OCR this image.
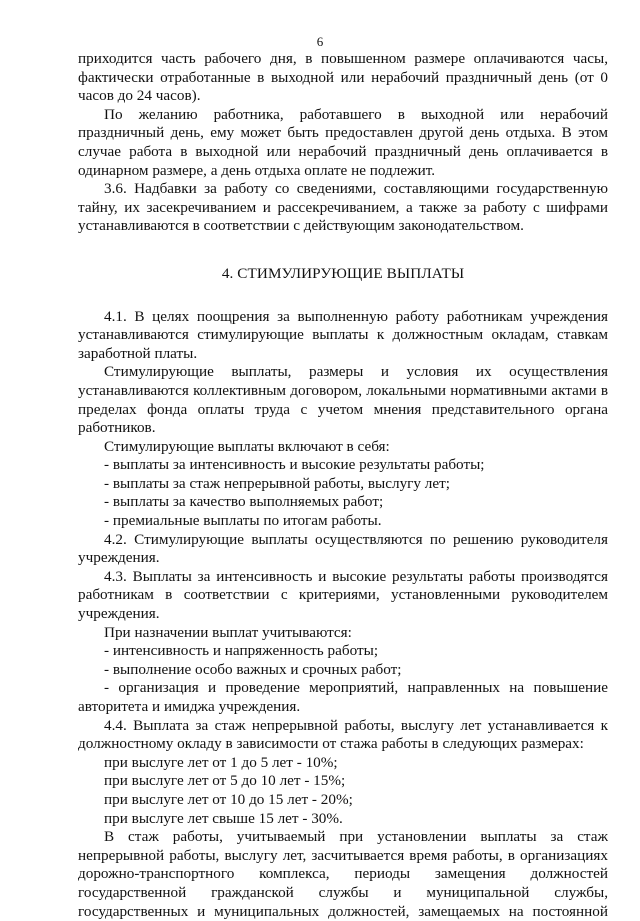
6

приходится часть рабочего дня, в повышенном размере оплачиваются часы, фактически отработанные в выходной или нерабочий праздничный день (от 0 часов до 24 часов).

По желанию работника, работавшего в выходной или нерабочий праздничный день, ему может быть предоставлен другой день отдыха. В этом случае работа в выходной или нерабочий праздничный день оплачивается в одинарном размере, а день отдыха оплате не подлежит.

3.6. Надбавки за работу со сведениями, составляющими государственную тайну, их засекречиванием и рассекречиванием, а также за работу с шифрами устанавливаются в соответствии с действующим законодательством.

4. СТИМУЛИРУЮЩИЕ ВЫПЛАТЫ

4.1. В целях поощрения за выполненную работу работникам учреждения устанавливаются стимулирующие выплаты к должностным окладам, ставкам заработной платы.

Стимулирующие выплаты, размеры и условия их осуществления устанавливаются коллективным договором, локальными нормативными актами в пределах фонда оплаты труда с учетом мнения представительного органа работников.

Стимулирующие выплаты включают в себя:

- выплаты за интенсивность и высокие результаты работы;

- выплаты за стаж непрерывной работы, выслугу лет;

- выплаты за качество выполняемых работ;

- премиальные выплаты по итогам работы.

4.2. Стимулирующие выплаты осуществляются по решению руководителя учреждения.

4.3. Выплаты за интенсивность и высокие результаты работы производятся работникам в соответствии с критериями, установленными руководителем учреждения.

При назначении выплат учитываются:

- интенсивность и напряженность работы;

- выполнение особо важных и срочных работ;

- организация и проведение мероприятий, направленных на повышение авторитета и имиджа учреждения.

4.4. Выплата за стаж непрерывной работы, выслугу лет устанавливается к должностному окладу в зависимости от стажа работы в следующих размерах:

при выслуге лет от 1 до 5 лет - 10%;

при выслуге лет от 5 до 10 лет - 15%;

при выслуге лет от 10 до 15 лет - 20%;

при выслуге лет свыше 15 лет - 30%.

В стаж работы, учитываемый при установлении выплаты за стаж непрерывной работы, выслугу лет, засчитывается время работы, в организациях дорожно-транспортного комплекса, периоды замещения должностей государственной гражданской службы и муниципальной службы, государственных и муниципальных должностей, замещаемых на постоянной
